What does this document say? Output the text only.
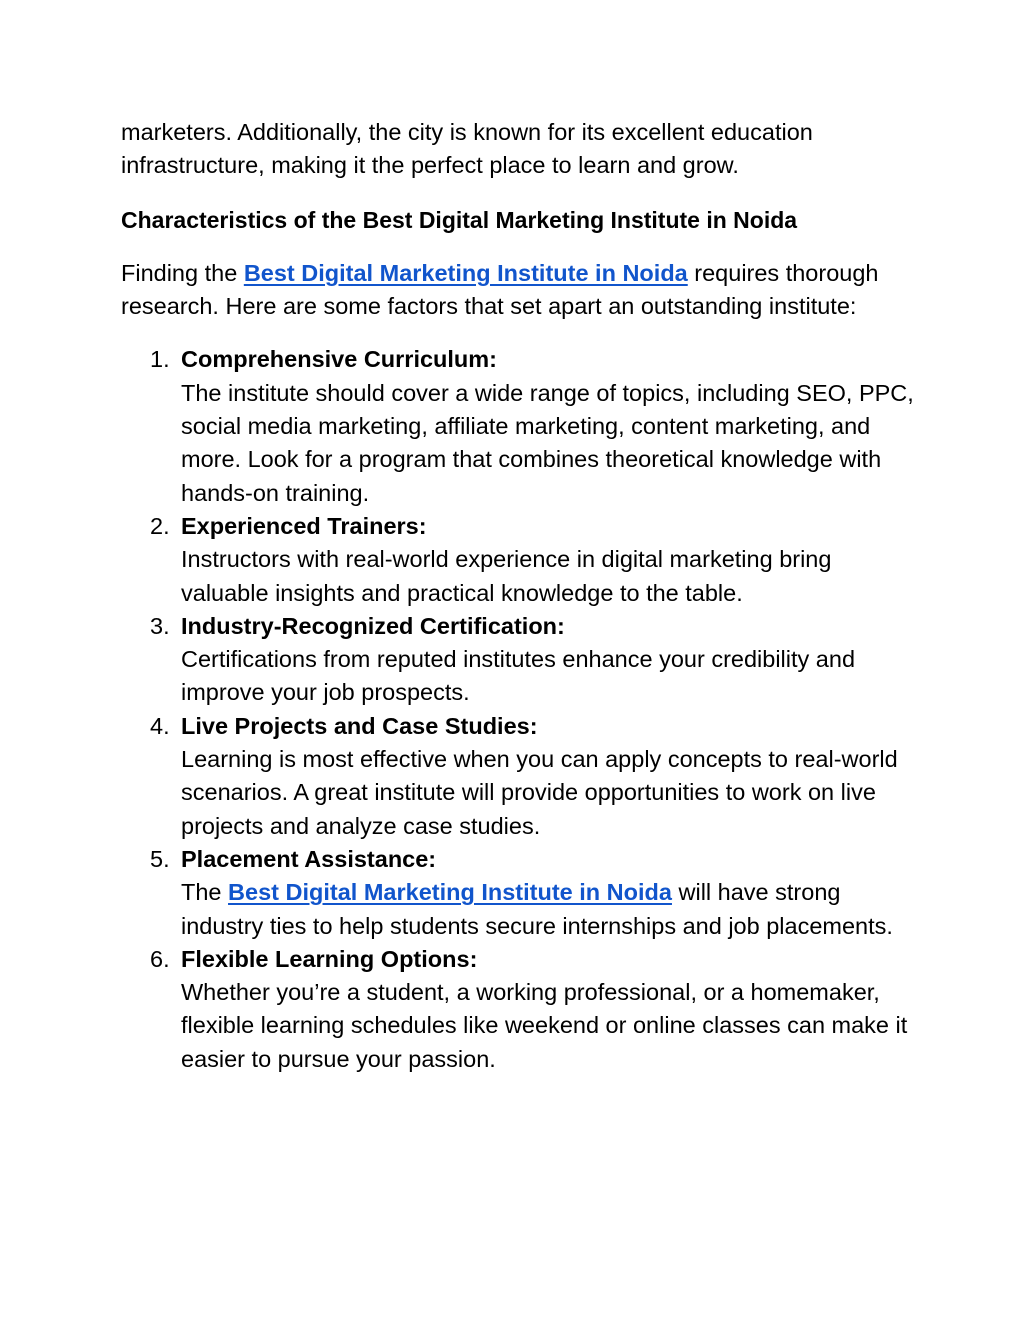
marketers. Additionally, the city is known for its excellent education infrastructure, making it the perfect place to learn and grow.

Characteristics of the Best Digital Marketing Institute in Noida

Finding the Best Digital Marketing Institute in Noida requires thorough research. Here are some factors that set apart an outstanding institute:

1. Comprehensive Curriculum:
The institute should cover a wide range of topics, including SEO, PPC, social media marketing, affiliate marketing, content marketing, and more. Look for a program that combines theoretical knowledge with hands-on training.
2. Experienced Trainers:
Instructors with real-world experience in digital marketing bring valuable insights and practical knowledge to the table.
3. Industry-Recognized Certification:
Certifications from reputed institutes enhance your credibility and improve your job prospects.
4. Live Projects and Case Studies:
Learning is most effective when you can apply concepts to real-world scenarios. A great institute will provide opportunities to work on live projects and analyze case studies.
5. Placement Assistance:
The Best Digital Marketing Institute in Noida will have strong industry ties to help students secure internships and job placements.
6. Flexible Learning Options:
Whether you’re a student, a working professional, or a homemaker, flexible learning schedules like weekend or online classes can make it easier to pursue your passion.
